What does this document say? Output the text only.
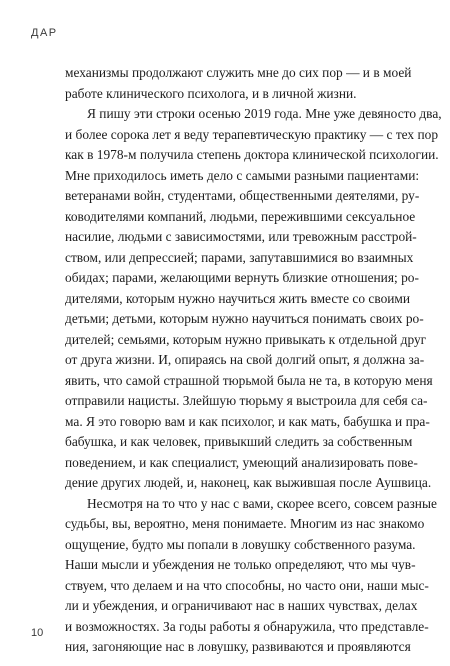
ДАР
механизмы продолжают служить мне до сих пор — и в моей
работе клинического психолога, и в личной жизни.
Я пишу эти строки осенью 2019 года. Мне уже девяносто два,
и более сорока лет я веду терапевтическую практику — с тех пор
как в 1978-м получила степень доктора клинической психологии.
Мне приходилось иметь дело с самыми разными пациентами:
ветеранами войн, студентами, общественными деятелями, ру-
ководителями компаний, людьми, пережившими сексуальное
насилие, людьми с зависимостями, или тревожным расстрой-
ством, или депрессией; парами, запутавшимися во взаимных
обидах; парами, желающими вернуть близкие отношения; ро-
дителями, которым нужно научиться жить вместе со своими
детьми; детьми, которым нужно научиться понимать своих ро-
дителей; семьями, которым нужно привыкать к отдельной друг
от друга жизни. И, опираясь на свой долгий опыт, я должна за-
явить, что самой страшной тюрьмой была не та, в которую меня
отправили нацисты. Злейшую тюрьму я выстроила для себя са-
ма. Я это говорю вам и как психолог, и как мать, бабушка и пра-
бабушка, и как человек, привыкший следить за собственным
поведением, и как специалист, умеющий анализировать пове-
дение других людей, и, наконец, как выжившая после Аушвица.
Несмотря на то что у нас с вами, скорее всего, совсем разные
судьбы, вы, вероятно, меня понимаете. Многим из нас знакомо
ощущение, будто мы попали в ловушку собственного разума.
Наши мысли и убеждения не только определяют, что мы чув-
ствуем, что делаем и на что способны, но часто они, наши мыс-
ли и убеждения, и ограничивают нас в наших чувствах, делах
и возможностях. За годы работы я обнаружила, что представле-
ния, загоняющие нас в ловушку, развиваются и проявляются
10
